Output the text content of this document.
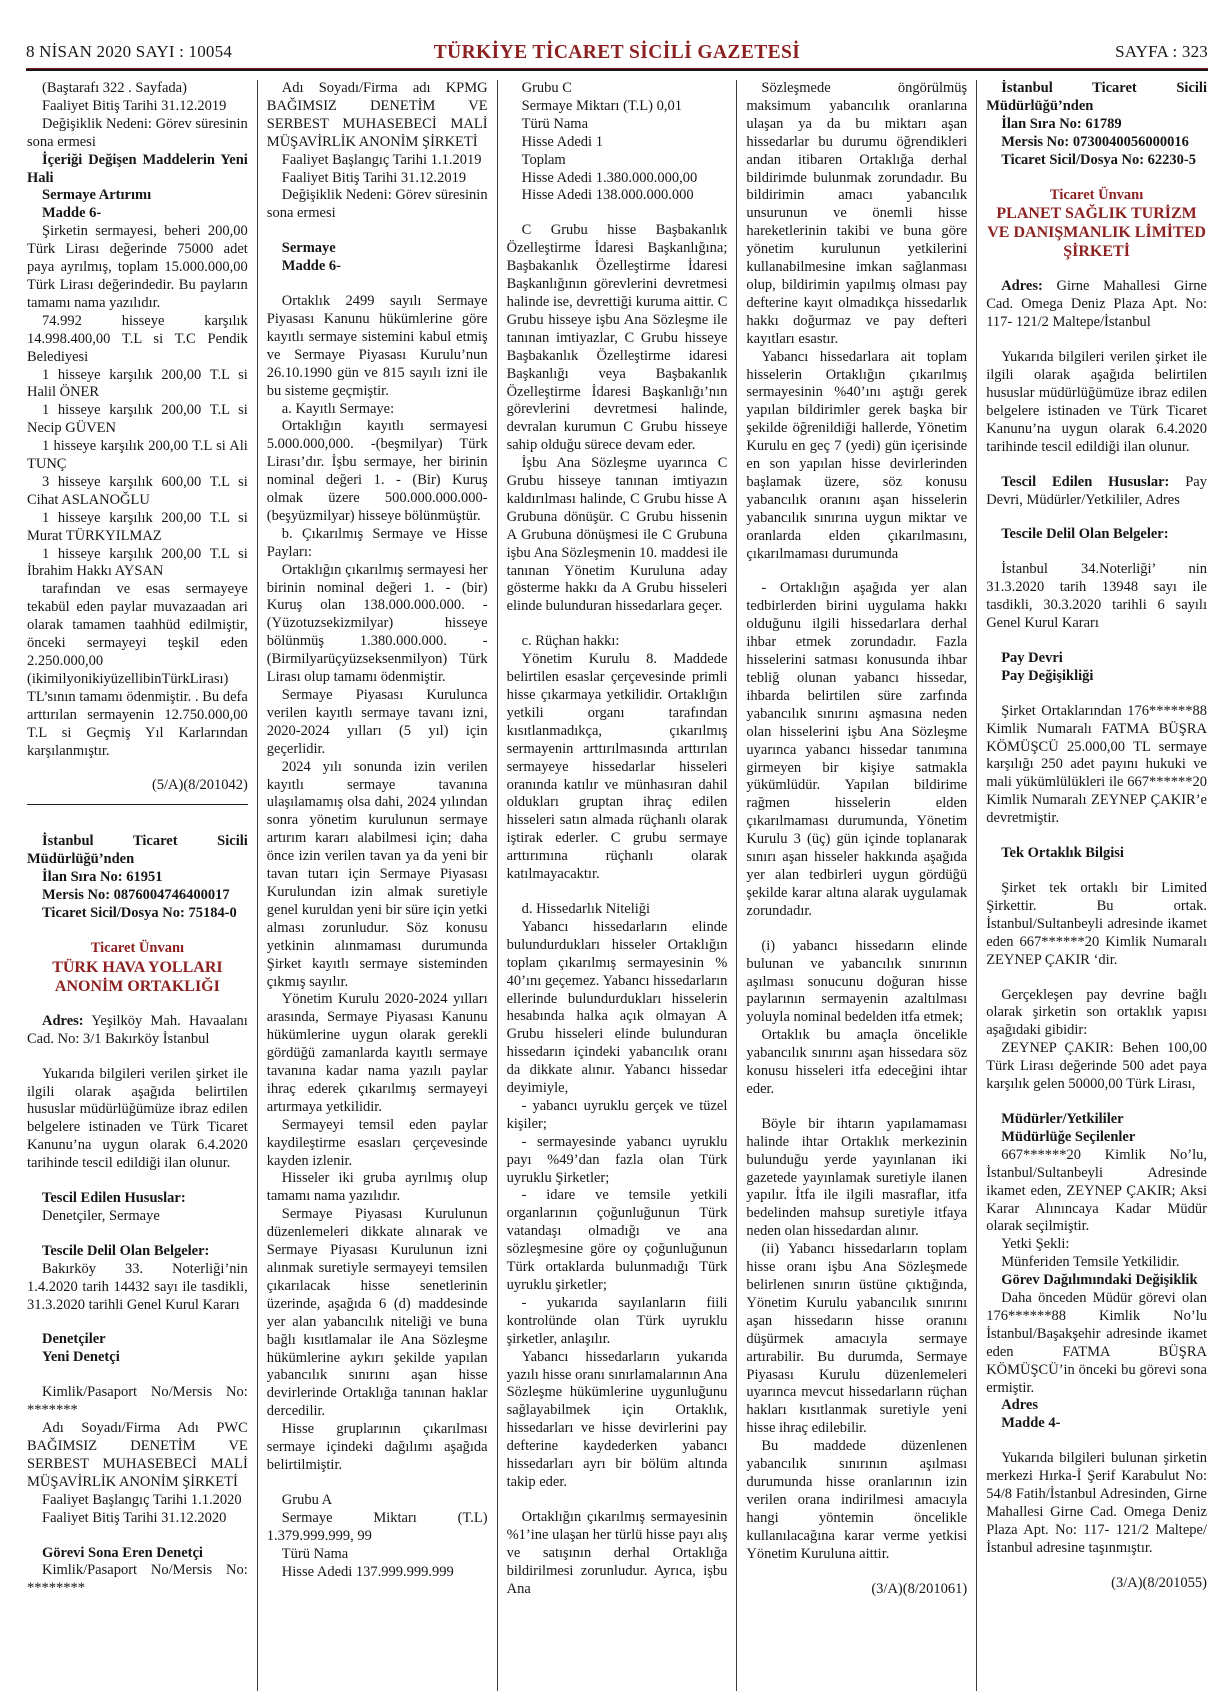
8 NİSAN 2020 SAYI : 10054	TÜRKİYE TİCARET SİCİLİ GAZETESİ	SAYFA : 323

(Baştarafı 322 . Sayfada)

Faaliyet Bitiş Tarihi 31.12.2019

Değişiklik Nedeni: Görev süresinin sona ermesi

İçeriği Değişen Maddelerin Yeni Hali

Sermaye Artırımı

Madde 6-

Şirketin sermayesi, beheri 200,00 Türk Lirası değerinde 75000 adet paya ayrılmış, toplam 15.000.000,00 Türk Lirası değerindedir. Bu payların tamamı nama yazılıdır.

74.992 hisseye karşılık 14.998.400,00 T.L si T.C Pendik Belediyesi

1 hisseye karşılık 200,00 T.L si Halil ÖNER

1 hisseye karşılık 200,00 T.L si Necip GÜVEN

1 hisseye karşılık 200,00 T.L si Ali TUNÇ

3 hisseye karşılık 600,00 T.L si Cihat ASLANOĞLU

1 hisseye karşılık 200,00 T.L si Murat TÜRKYILMAZ

1 hisseye karşılık 200,00 T.L si İbrahim Hakkı AYSAN

tarafından ve esas sermayeye tekabül eden paylar muvazaadan ari olarak tamamen taahhüd edilmiştir, önceki sermayeyi teşkil eden 2.250.000,00 (ikimilyonikiyüzellibinTürkLirası) TL’sının tamamı ödenmiştir. . Bu defa arttırılan sermayenin 12.750.000,00 T.L si Geçmiş Yıl Karlarından karşılanmıştır.

(5/A)(8/201042)

İstanbul Ticaret Sicili Müdürlüğü’nden

İlan Sıra No: 61951

Mersis No: 0876004746400017

Ticaret Sicil/Dosya No: 75184-0

Ticaret Ünvanı

TÜRK HAVA YOLLARI ANONİM ORTAKLIĞI

Adres: Yeşilköy Mah. Havaalanı Cad. No: 3/1 Bakırköy İstanbul

Yukarıda bilgileri verilen şirket ile ilgili olarak aşağıda belirtilen hususlar müdürlüğümüze ibraz edilen belgelere istinaden ve Türk Ticaret Kanunu’na uygun olarak 6.4.2020 tarihinde tescil edildiği ilan olunur.

Tescil Edilen Hususlar:

Denetçiler, Sermaye

Tescile Delil Olan Belgeler:

Bakırköy 33. Noterliği’nin 1.4.2020 tarih 14432 sayı ile tasdikli, 31.3.2020 tarihli Genel Kurul Kararı

Denetçiler

Yeni Denetçi

Kimlik/Pasaport No/Mersis No: *******

Adı Soyadı/Firma Adı PWC BAĞIMSIZ DENETİM VE SERBEST MUHASEBECİ MALİ MÜŞAVİRLİK ANONİM ŞİRKETİ

Faaliyet Başlangıç Tarihi 1.1.2020

Faaliyet Bitiş Tarihi 31.12.2020

Görevi Sona Eren Denetçi

Kimlik/Pasaport No/Mersis No: ********

Adı Soyadı/Firma adı KPMG BAĞIMSIZ DENETİM VE SERBEST MUHASEBECİ MALİ MÜŞAVİRLİK ANONİM ŞİRKETİ

Faaliyet Başlangıç Tarihi 1.1.2019

Faaliyet Bitiş Tarihi 31.12.2019

Değişiklik Nedeni: Görev süresinin sona ermesi

Sermaye

Madde 6-

Ortaklık 2499 sayılı Sermaye Piyasası Kanunu hükümlerine göre kayıtlı sermaye sistemini kabul etmiş ve Sermaye Piyasası Kurulu’nun 26.10.1990 gün ve 815 sayılı izni ile bu sisteme geçmiştir.

a. Kayıtlı Sermaye:

Ortaklığın kayıtlı sermayesi 5.000.000,000. -(beşmilyar) Türk Lirası’dır. İşbu sermaye, her birinin nominal değeri 1. - (Bir) Kuruş olmak üzere 500.000.000.000-(beşyüzmilyar) hisseye bölünmüştür.

b. Çıkarılmış Sermaye ve Hisse Payları:

Ortaklığın çıkarılmış sermayesi her birinin nominal değeri 1. - (bir) Kuruş olan 138.000.000.000. - (Yüzotuzsekizmilyar) hisseye bölünmüş 1.380.000.000. - (Birmilyarüçyüzseksenmilyon) Türk Lirası olup tamamı ödenmiştir.

Sermaye Piyasası Kurulunca verilen kayıtlı sermaye tavanı izni, 2020-2024 yılları (5 yıl) için geçerlidir.

2024 yılı sonunda izin verilen kayıtlı sermaye tavanına ulaşılamamış olsa dahi, 2024 yılından sonra yönetim kurulunun sermaye artırım kararı alabilmesi için; daha önce izin verilen tavan ya da yeni bir tavan tutarı için Sermaye Piyasası Kurulundan izin almak suretiyle genel kuruldan yeni bir süre için yetki alması zorunludur. Söz konusu yetkinin alınmaması durumunda Şirket kayıtlı sermaye sisteminden çıkmış sayılır.

Yönetim Kurulu 2020-2024 yılları arasında, Sermaye Piyasası Kanunu hükümlerine uygun olarak gerekli gördüğü zamanlarda kayıtlı sermaye tavanına kadar nama yazılı paylar ihraç ederek çıkarılmış sermayeyi artırmaya yetkilidir.

Sermayeyi temsil eden paylar kaydileştirme esasları çerçevesinde kayden izlenir.

Hisseler iki gruba ayrılmış olup tamamı nama yazılıdır.

Sermaye Piyasası Kurulunun düzenlemeleri dikkate alınarak ve Sermaye Piyasası Kurulunun izni alınmak suretiyle sermayeyi temsilen çıkarılacak hisse senetlerinin üzerinde, aşağıda 6 (d) maddesinde yer alan yabancılık niteliği ve buna bağlı kısıtlamalar ile Ana Sözleşme hükümlerine aykırı şekilde yapılan yabancılık sınırını aşan hisse devirlerinde Ortaklığa tanınan haklar dercedilir.

Hisse gruplarının çıkarılması sermaye içindeki dağılımı aşağıda belirtilmiştir.

Grubu A

Sermaye Miktarı (T.L) 1.379.999.999, 99

Türü Nama

Hisse Adedi 137.999.999.999

Grubu C

Sermaye Miktarı (T.L) 0,01

Türü Nama

Hisse Adedi 1

Toplam

Hisse Adedi 1.380.000.000,00

Hisse Adedi 138.000.000.000

C Grubu hisse Başbakanlık Özelleştirme İdaresi Başkanlığına; Başbakanlık Özelleştirme İdaresi Başkanlığının görevlerini devretmesi halinde ise, devrettiği kuruma aittir. C Grubu hisseye işbu Ana Sözleşme ile tanınan imtiyazlar, C Grubu hisseye Başbakanlık Özelleştirme idaresi Başkanlığı veya Başbakanlık Özelleştirme İdaresi Başkanlığı’nın görevlerini devretmesi halinde, devralan kurumun C Grubu hisseye sahip olduğu sürece devam eder.

İşbu Ana Sözleşme uyarınca C Grubu hisseye tanınan imtiyazın kaldırılması halinde, C Grubu hisse A Grubuna dönüşür. C Grubu hissenin A Grubuna dönüşmesi ile C Grubuna işbu Ana Sözleşmenin 10. maddesi ile tanınan Yönetim Kuruluna aday gösterme hakkı da A Grubu hisseleri elinde bulunduran hissedarlara geçer.

c. Rüçhan hakkı:

Yönetim Kurulu 8. Maddede belirtilen esaslar çerçevesinde primli hisse çıkarmaya yetkilidir. Ortaklığın yetkili organı tarafından kısıtlanmadıkça, çıkarılmış sermayenin arttırılmasında arttırılan sermayeye hissedarlar hisseleri oranında katılır ve münhasıran dahil oldukları gruptan ihraç edilen hisseleri satın almada rüçhanlı olarak iştirak ederler. C grubu sermaye arttırımına rüçhanlı olarak katılmayacaktır.

d. Hissedarlık Niteliği

Yabancı hissedarların elinde bulundurdukları hisseler Ortaklığın toplam çıkarılmış sermayesinin % 40’ını geçemez. Yabancı hissedarların ellerinde bulundurdukları hisselerin hesabında halka açık olmayan A Grubu hisseleri elinde bulunduran hissedarın içindeki yabancılık oranı da dikkate alınır. Yabancı hissedar deyimiyle,

- yabancı uyruklu gerçek ve tüzel kişiler;

- sermayesinde yabancı uyruklu payı %49’dan fazla olan Türk uyruklu Şirketler;

- idare ve temsile yetkili organlarının çoğunluğunun Türk vatandaşı olmadığı ve ana sözleşmesine göre oy çoğunluğunun Türk ortaklarda bulunmadığı Türk uyruklu şirketler;

- yukarıda sayılanların fiili kontrolünde olan Türk uyruklu şirketler, anlaşılır.

Yabancı hissedarların yukarıda yazılı hisse oranı sınırlamalarının Ana Sözleşme hükümlerine uygunluğunu sağlayabilmek için Ortaklık, hissedarları ve hisse devirlerini pay defterine kaydederken yabancı hissedarları ayrı bir bölüm altında takip eder.

Ortaklığın çıkarılmış sermayesinin %1’ine ulaşan her türlü hisse payı alış ve satışının derhal Ortaklığa bildirilmesi zorunludur. Ayrıca, işbu Ana

Sözleşmede öngörülmüş maksimum yabancılık oranlarına ulaşan ya da bu miktarı aşan hissedarlar bu durumu öğrendikleri andan itibaren Ortaklığa derhal bildirimde bulunmak zorundadır. Bu bildirimin amacı yabancılık unsurunun ve önemli hisse hareketlerinin takibi ve buna göre yönetim kurulunun yetkilerini kullanabilmesine imkan sağlanması olup, bildirimin yapılmış olması pay defterine kayıt olmadıkça hissedarlık hakkı doğurmaz ve pay defteri kayıtları esastır.

Yabancı hissedarlara ait toplam hisselerin Ortaklığın çıkarılmış sermayesinin %40’ını aştığı gerek yapılan bildirimler gerek başka bir şekilde öğrenildiği hallerde, Yönetim Kurulu en geç 7 (yedi) gün içerisinde en son yapılan hisse devirlerinden başlamak üzere, söz konusu yabancılık oranını aşan hisselerin yabancılık sınırına uygun miktar ve oranlarda elden çıkarılmasını, çıkarılmaması durumunda

- Ortaklığın aşağıda yer alan tedbirlerden birini uygulama hakkı olduğunu ilgili hissedarlara derhal ihbar etmek zorundadır. Fazla hisselerini satması konusunda ihbar tebliğ olunan yabancı hissedar, ihbarda belirtilen süre zarfında yabancılık sınırını aşmasına neden olan hisselerini işbu Ana Sözleşme uyarınca yabancı hissedar tanımına girmeyen bir kişiye satmakla yükümlüdür. Yapılan bildirime rağmen hisselerin elden çıkarılmaması durumunda, Yönetim Kurulu 3 (üç) gün içinde toplanarak sınırı aşan hisseler hakkında aşağıda yer alan tedbirleri uygun gördüğü şekilde karar altına alarak uygulamak zorundadır.

(i) yabancı hissedarın elinde bulunan ve yabancılık sınırının aşılması sonucunu doğuran hisse paylarının sermayenin azaltılması yoluyla nominal bedelden itfa etmek;

Ortaklık bu amaçla öncelikle yabancılık sınırını aşan hissedara söz konusu hisseleri itfa edeceğini ihtar eder.

Böyle bir ihtarın yapılamaması halinde ihtar Ortaklık merkezinin bulunduğu yerde yayınlanan iki gazetede yayınlamak suretiyle ilanen yapılır. İtfa ile ilgili masraflar, itfa bedelinden mahsup suretiyle itfaya neden olan hissedardan alınır.

(ii) Yabancı hissedarların toplam hisse oranı işbu Ana Sözleşmede belirlenen sınırın üstüne çıktığında, Yönetim Kurulu yabancılık sınırını aşan hissedarın hisse oranını düşürmek amacıyla sermaye artırabilir. Bu durumda, Sermaye Piyasası Kurulu düzenlemeleri uyarınca mevcut hissedarların rüçhan hakları kısıtlanmak suretiyle yeni hisse ihraç edilebilir.

Bu maddede düzenlenen yabancılık sınırının aşılması durumunda hisse oranlarının izin verilen orana indirilmesi amacıyla hangi yöntemin öncelikle kullanılacağına karar verme yetkisi Yönetim Kuruluna aittir.

(3/A)(8/201061)

İstanbul Ticaret Sicili Müdürlüğü’nden

İlan Sıra No: 61789

Mersis No: 0730040056000016

Ticaret Sicil/Dosya No: 62230-5

Ticaret Ünvanı

PLANET SAĞLIK TURİZM VE DANIŞMANLIK LİMİTED ŞİRKETİ

Adres: Girne Mahallesi Girne Cad. Omega Deniz Plaza Apt. No: 117- 121/2 Maltepe/İstanbul

Yukarıda bilgileri verilen şirket ile ilgili olarak aşağıda belirtilen hususlar müdürlüğümüze ibraz edilen belgelere istinaden ve Türk Ticaret Kanunu’na uygun olarak 6.4.2020 tarihinde tescil edildiği ilan olunur.

Tescil Edilen Hususlar: Pay Devri, Müdürler/Yetkililer, Adres

Tescile Delil Olan Belgeler:

İstanbul 34.Noterliği’ nin 31.3.2020 tarih 13948 sayı ile tasdikli, 30.3.2020 tarihli 6 sayılı Genel Kurul Kararı

Pay Devri

Pay Değişikliği

Şirket Ortaklarından 176******88 Kimlik Numaralı FATMA BÜŞRA KÖMÜŞCÜ 25.000,00 TL sermaye karşılığı 250 adet payını hukuki ve mali yükümlülükleri ile 667******20 Kimlik Numaralı ZEYNEP ÇAKIR’e devretmiştir.

Tek Ortaklık Bilgisi

Şirket tek ortaklı bir Limited Şirkettir. Bu ortak. İstanbul/Sultanbeyli adresinde ikamet eden 667******20 Kimlik Numaralı ZEYNEP ÇAKIR ‘dir.

Gerçekleşen pay devrine bağlı olarak şirketin son ortaklık yapısı aşağıdaki gibidir:

ZEYNEP ÇAKIR: Behen 100,00 Türk Lirası değerinde 500 adet paya karşılık gelen 50000,00 Türk Lirası,

Müdürler/Yetkililer

Müdürlüğe Seçilenler

667******20 Kimlik No’lu, İstanbul/Sultanbeyli Adresinde ikamet eden, ZEYNEP ÇAKIR; Aksi Karar Alınıncaya Kadar Müdür olarak seçilmiştir.

Yetki Şekli:

Münferiden Temsile Yetkilidir.

Görev Dağılımındaki Değişiklik

Daha önceden Müdür görevi olan 176******88 Kimlik No’lu İstanbul/Başakşehir adresinde ikamet eden FATMA BÜŞRA KÖMÜŞCÜ’in önceki bu görevi sona ermiştir.

Adres

Madde 4-

Yukarıda bilgileri bulunan şirketin merkezi Hırka-İ Şerif Karabulut No: 54/8 Fatih/İstanbul Adresinden, Girne Mahallesi Girne Cad. Omega Deniz Plaza Apt. No: 117- 121/2 Maltepe/İstanbul adresine taşınmıştır.

(3/A)(8/201055)
